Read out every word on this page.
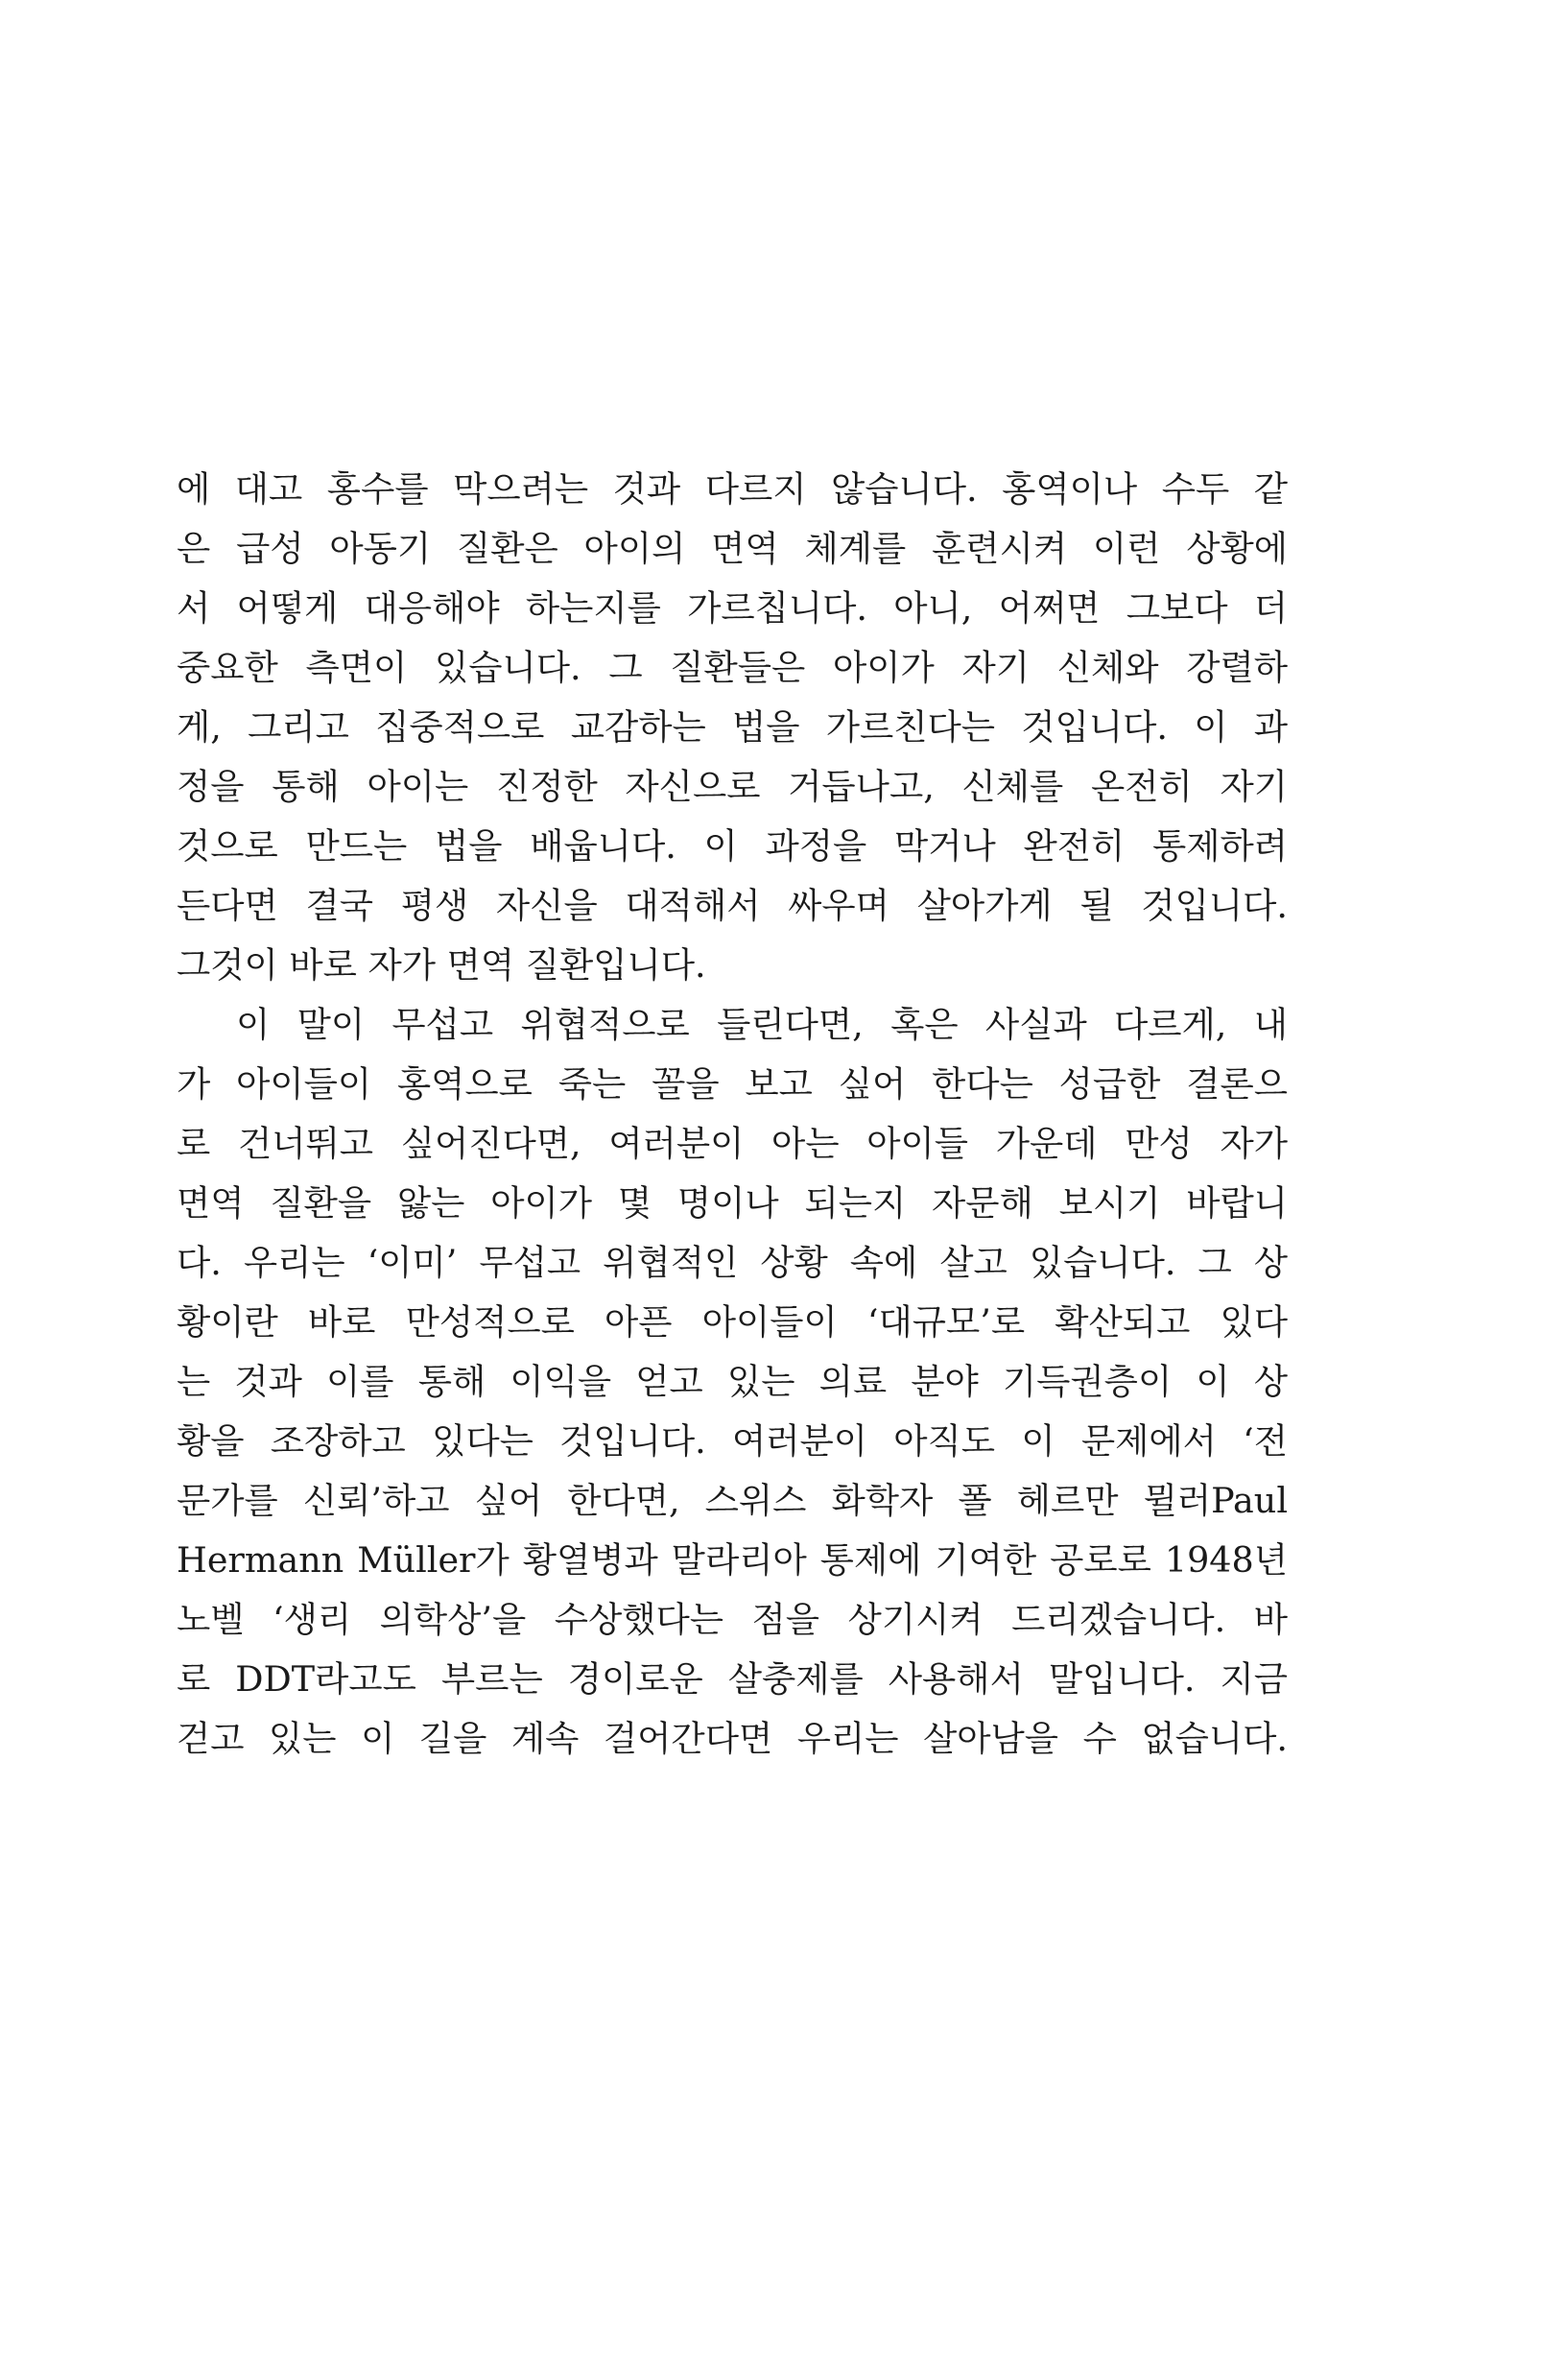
에 대고 홍수를 막으려는 것과 다르지 않습니다. 홍역이나 수두 같
은 급성 아동기 질환은 아이의 면역 체계를 훈련시켜 이런 상황에
서 어떻게 대응해야 하는지를 가르칩니다. 아니, 어쩌면 그보다 더
중요한 측면이 있습니다. 그 질환들은 아이가 자기 신체와 강렬하
게, 그리고 집중적으로 교감하는 법을 가르친다는 것입니다. 이 과
정을 통해 아이는 진정한 자신으로 거듭나고, 신체를 온전히 자기
것으로 만드는 법을 배웁니다. 이 과정을 막거나 완전히 통제하려
든다면 결국 평생 자신을 대적해서 싸우며 살아가게 될 것입니다.
그것이 바로 자가 면역 질환입니다.
이 말이 무섭고 위협적으로 들린다면, 혹은 사실과 다르게, 내
가 아이들이 홍역으로 죽는 꼴을 보고 싶어 한다는 성급한 결론으
로 건너뛰고 싶어진다면, 여러분이 아는 아이들 가운데 만성 자가
면역 질환을 앓는 아이가 몇 명이나 되는지 자문해 보시기 바랍니
다. 우리는 ‘이미’ 무섭고 위협적인 상황 속에 살고 있습니다. 그 상
황이란 바로 만성적으로 아픈 아이들이 ‘대규모’로 확산되고 있다
는 것과 이를 통해 이익을 얻고 있는 의료 분야 기득권층이 이 상
황을 조장하고 있다는 것입니다. 여러분이 아직도 이 문제에서 ‘전
문가를 신뢰’하고 싶어 한다면, 스위스 화학자 폴 헤르만 뮐러Paul
Hermann Müller가 황열병과 말라리아 통제에 기여한 공로로 1948년
노벨 ‘생리 의학상’을 수상했다는 점을 상기시켜 드리겠습니다. 바
로 DDT라고도 부르는 경이로운 살충제를 사용해서 말입니다. 지금
걷고 있는 이 길을 계속 걸어간다면 우리는 살아남을 수 없습니다.
